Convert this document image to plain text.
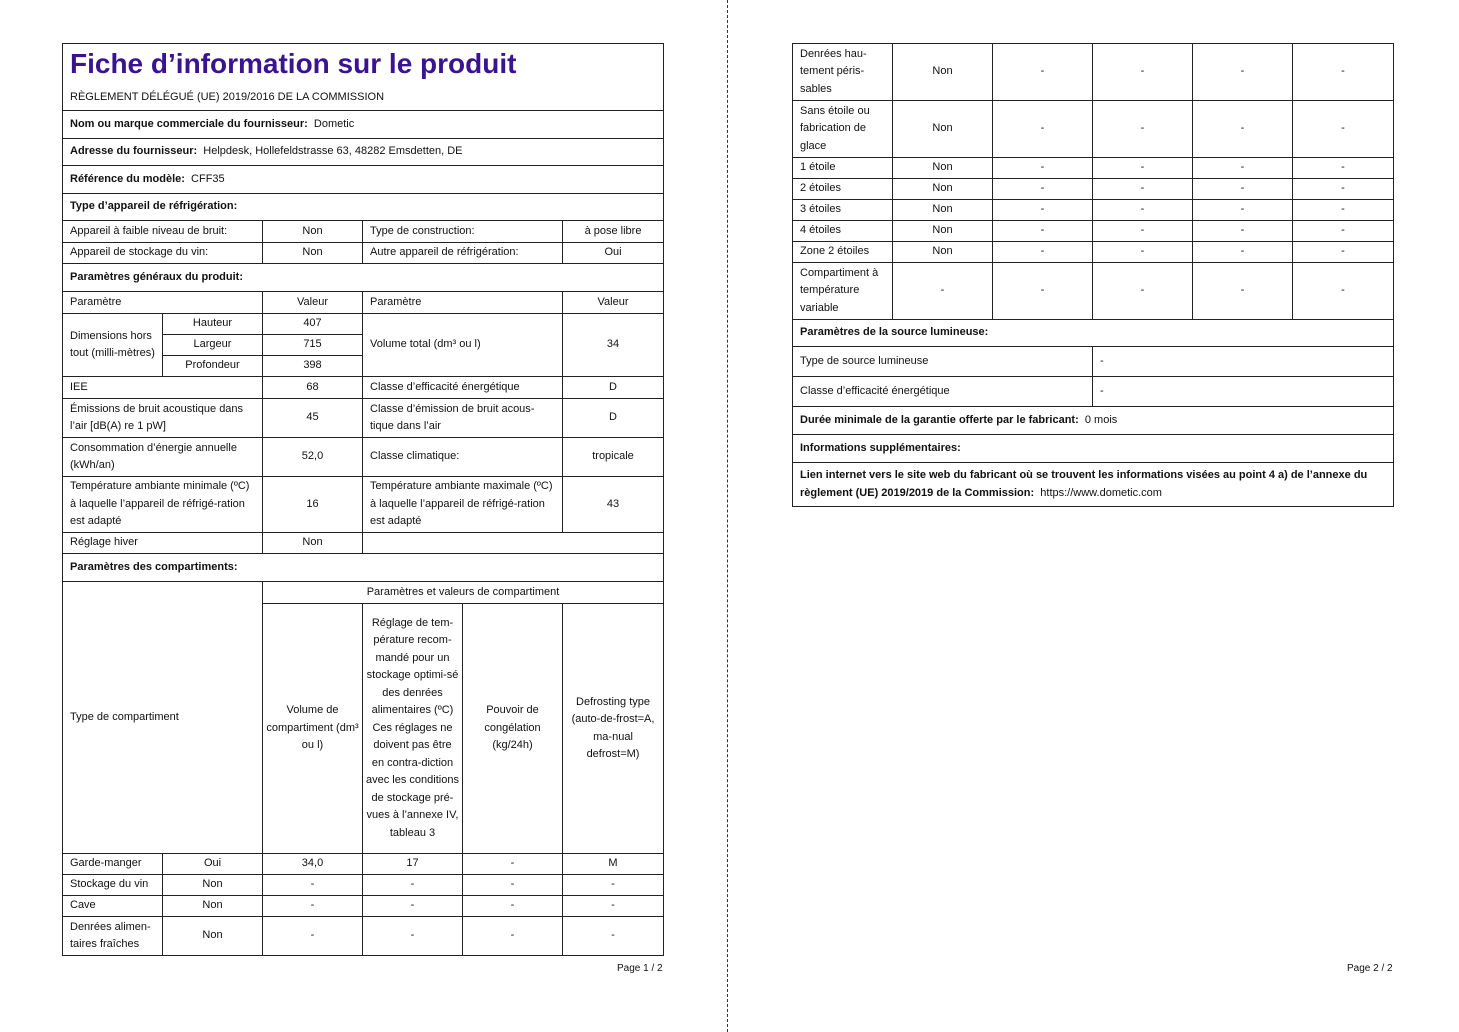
Fiche d’information sur le produit
RÈGLEMENT DÉLÉGUÉ (UE) 2019/2016 DE LA COMMISSION					

Nom ou marque commerciale du fournisseur: Dometic					
Adresse du fournisseur: Helpdesk, Hollefeldstrasse 63, 48282 Emsdetten, DE					
Référence du modèle: CFF35					
Type d’appareil de réfrigération:					
Appareil à faible niveau de bruit:		Non	Type de construction:		à pose libre
Appareil de stockage du vin:		Non	Autre appareil de réfrigération:		Oui
Paramètres généraux du produit:					
Paramètre		Valeur	Paramètre		Valeur
Dimensions hors tout (milli-mètres)	Hauteur	407	Volume total (dm³ ou l)		34
	Largeur	715			
	Profondeur	398			
IEE		68	Classe d’efficacité énergétique		D
Émissions de bruit acoustique dans l’air [dB(A) re 1 pW]		45	Classe d’émission de bruit acous-tique dans l’air		D
Consommation d’énergie annuelle (kWh/an)		52,0	Classe climatique:		tropicale
Température ambiante minimale (ºC) à laquelle l’appareil de réfrigé-ration est adapté		16	Température ambiante maximale (ºC) à laquelle l’appareil de réfrigé-ration est adapté		43
Réglage hiver		Non			
Paramètres des compartiments:					
Type de compartiment		Paramètres et valeurs de compartiment			
		Volume de compartiment (dm³ ou l)	Réglage de tem-pérature recom-mandé pour un stockage optimi-sé des denrées alimentaires (ºC) Ces réglages ne doivent pas être en contra-diction avec les conditions de stockage pré-vues à l’annexe IV, tableau 3	Pouvoir de congélation (kg/24h)	Defrosting type (auto-de-frost=A, ma-nual defrost=M)
Garde-manger	Oui	34,0	17	-	M
Stockage du vin	Non	-	-	-	-
Cave	Non	-	-	-	-
Denrées alimen-taires fraîches	Non	-	-	-	-
Page 1 / 2
Denrées hau-tement péris-sables	Non	-	-	-	-
Sans étoile ou fabrication de glace	Non	-	-	-	-
1 étoile	Non	-	-	-	-
2 étoiles	Non	-	-	-	-
3 étoiles	Non	-	-	-	-
4 étoiles	Non	-	-	-	-
Zone 2 étoiles	Non	-	-	-	-
Compartiment à température variable	-	-	-	-	-
Paramètres de la source lumineuse:					
Type de source lumineuse			-		
Classe d’efficacité énergétique			-		
Durée minimale de la garantie offerte par le fabricant: 0 mois					
Informations supplémentaires:					
Lien internet vers le site web du fabricant où se trouvent les informations visées au point 4 a) de l’annexe du règlement (UE) 2019/2019 de la Commission: https://www.dometic.com					
Page 2 / 2
